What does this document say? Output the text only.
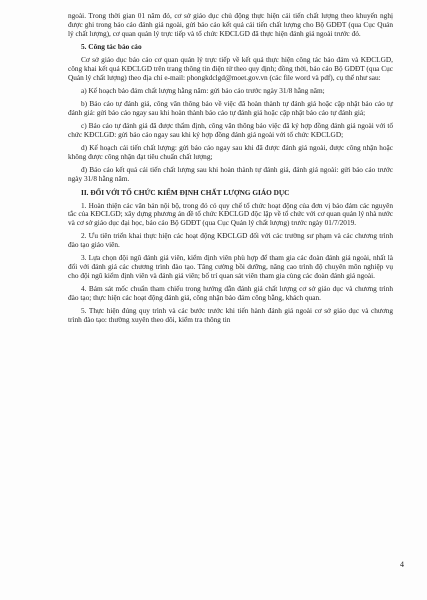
ngoài. Trong thời gian 01 năm đó, cơ sở giáo dục chủ động thực hiện cải tiến chất lượng theo khuyến nghị được ghi trong báo cáo đánh giá ngoài, gửi báo cáo kết quả cải tiến chất lượng cho Bộ GDĐT (qua Cục Quản lý chất lượng), cơ quan quản lý trực tiếp và tổ chức KĐCLGD đã thực hiện đánh giá ngoài trước đó.

5. Công tác báo cáo

Cơ sở giáo dục báo cáo cơ quan quản lý trực tiếp về kết quả thực hiện công tác bảo đảm và KĐCLGD, công khai kết quả KĐCLGD trên trang thông tin điện tử theo quy định; đồng thời, báo cáo Bộ GDĐT (qua Cục Quản lý chất lượng) theo địa chỉ e-mail: phongkdclgd@moet.gov.vn (các file word và pdf), cụ thể như sau:

a) Kế hoạch bảo đảm chất lượng hằng năm: gửi báo cáo trước ngày 31/8 hằng năm;

b) Báo cáo tự đánh giá, công văn thông báo về việc đã hoàn thành tự đánh giá hoặc cập nhật báo cáo tự đánh giá: gửi báo cáo ngay sau khi hoàn thành báo cáo tự đánh giá hoặc cập nhật báo cáo tự đánh giá;

c) Báo cáo tự đánh giá đã được thẩm định, công văn thông báo việc đã ký hợp đồng đánh giá ngoài với tổ chức KĐCLGD: gửi báo cáo ngay sau khi ký hợp đồng đánh giá ngoài với tổ chức KĐCLGD;

d) Kế hoạch cải tiến chất lượng: gửi báo cáo ngay sau khi đã được đánh giá ngoài, được công nhận hoặc không được công nhận đạt tiêu chuẩn chất lượng;

đ) Báo cáo kết quả cải tiến chất lượng sau khi hoàn thành tự đánh giá, đánh giá ngoài: gửi báo cáo trước ngày 31/8 hằng năm.

II. ĐỐI VỚI TỔ CHỨC KIỂM ĐỊNH CHẤT LƯỢNG GIÁO DỤC

1. Hoàn thiện các văn bản nội bộ, trong đó có quy chế tổ chức hoạt động của đơn vị bảo đảm các nguyên tắc của KĐCLGD; xây dựng phương án đề tổ chức KĐCLGD độc lập về tổ chức với cơ quan quản lý nhà nước và cơ sở giáo dục đại học, báo cáo Bộ GDĐT (qua Cục Quản lý chất lượng) trước ngày 01/7/2019.

2. Ưu tiên triển khai thực hiện các hoạt động KĐCLGD đối với các trường sư phạm và các chương trình đào tạo giáo viên.

3. Lựa chọn đội ngũ đánh giá viên, kiểm định viên phù hợp để tham gia các đoàn đánh giá ngoài, nhất là đối với đánh giá các chương trình đào tạo. Tăng cường bồi dưỡng, nâng cao trình độ chuyên môn nghiệp vụ cho đội ngũ kiểm định viên và đánh giá viên; bố trí quan sát viên tham gia cùng các đoàn đánh giá ngoài.

4. Bám sát mốc chuẩn tham chiếu trong hướng dẫn đánh giá chất lượng cơ sở giáo dục và chương trình đào tạo; thực hiện các hoạt động đánh giá, công nhận bảo đảm công bằng, khách quan.

5. Thực hiện đúng quy trình và các bước trước khi tiến hành đánh giá ngoài cơ sở giáo dục và chương trình đào tạo: thường xuyên theo dõi, kiểm tra thông tin

4
